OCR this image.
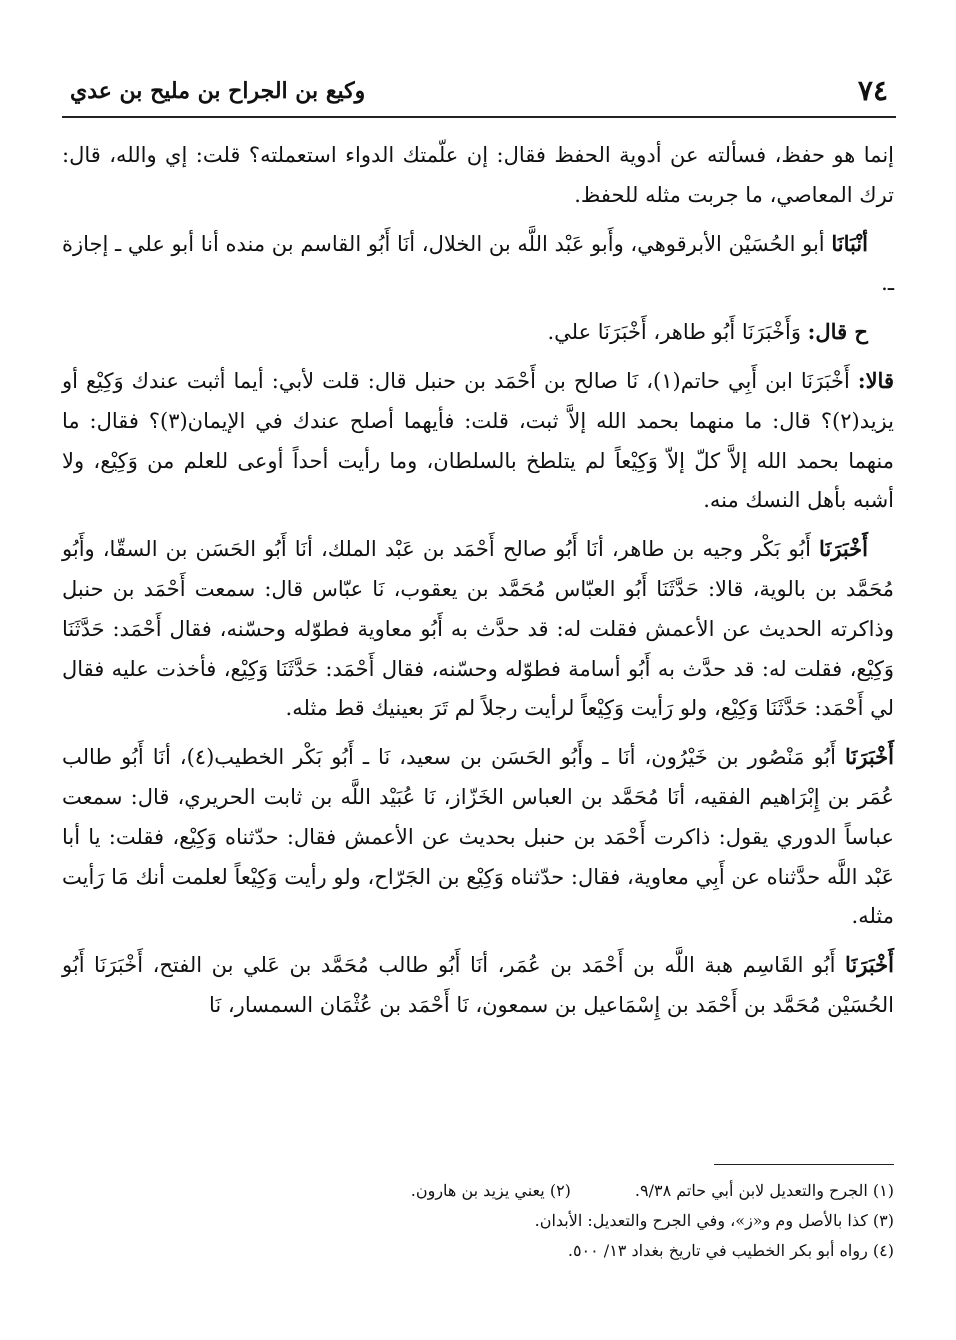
٧٤
وكيع بن الجراح بن مليح بن عدي

إنما هو حفظ، فسألته عن أدوية الحفظ فقال: إن علّمتك الدواء استعملته؟ قلت: إي والله، قال: ترك المعاصي، ما جربت مثله للحفظ.

أنْبَانَا أبو الحُسَيْن الأبرقوهي، وأَبو عَبْد اللَّه بن الخلال، أنَا أَبُو القاسم بن منده أنا أبو علي ـ إجازة ـ.

ح قال: وَأَخْبَرَنَا أَبُو طاهر، أَخْبَرَنَا علي.

قالا: أَخْبَرَنَا ابن أَبِي حاتم(١)، نَا صالح بن أَحْمَد بن حنبل قال: قلت لأبي: أيما أثبت عندك وَكِيْع أو يزيد(٢)؟ قال: ما منهما بحمد الله إلاَّ ثبت، قلت: فأيهما أصلح عندك في الإيمان(٣)؟ فقال: ما منهما بحمد الله إلاَّ كلّ إلاّ وَكِيْعاً لم يتلطخ بالسلطان، وما رأيت أحداً أوعى للعلم من وَكِيْع، ولا أشبه بأهل النسك منه.

أَخْبَرَنَا أَبُو بَكْر وجيه بن طاهر، أنَا أَبُو صالح أَحْمَد بن عَبْد الملك، أنَا أَبُو الحَسَن بن السقّا، وأَبُو مُحَمَّد بن بالوية، قالا: حَدَّثَنَا أَبُو العبّاس مُحَمَّد بن يعقوب، نَا عبّاس قال: سمعت أَحْمَد بن حنبل وذاكرته الحديث عن الأعمش فقلت له: قد حدَّث به أَبُو معاوية فطوّله وحسّنه، فقال أَحْمَد: حَدَّثَنَا وَكِيْع، فقلت له: قد حدَّث به أَبُو أسامة فطوّله وحسّنه، فقال أَحْمَد: حَدَّثَنَا وَكِيْع، فأخذت عليه فقال لي أَحْمَد: حَدَّثَنَا وَكِيْع، ولو رَأيت وَكِيْعاً لرأيت رجلاً لم تَرَ بعينيك قط مثله.

أَخْبَرَنَا أَبُو مَنْصُور بن خَيْرُون، أنَا ـ وأَبُو الحَسَن بن سعيد، نَا ـ أَبُو بَكْر الخطيب(٤)، أنَا أَبُو طالب عُمَر بن إِبْرَاهيم الفقيه، أنَا مُحَمَّد بن العباس الخَزّاز، نَا عُبَيْد اللَّه بن ثابت الحريري، قال: سمعت عباساً الدوري يقول: ذاكرت أَحْمَد بن حنبل بحديث عن الأعمش فقال: حدّثناه وَكِيْع، فقلت: يا أبا عَبْد اللَّه حدَّثناه عن أَبِي معاوية، فقال: حدّثناه وَكِيْع بن الجَرّاح، ولو رأيت وَكِيْعاً لعلمت أنك مَا رَأيت مثله.

أَخْبَرَنَا أَبُو القَاسِم هبة اللَّه بن أَحْمَد بن عُمَر، أنَا أَبُو طالب مُحَمَّد بن عَلي بن الفتح، أَخْبَرَنَا أَبُو الحُسَيْن مُحَمَّد بن أَحْمَد بن إِسْمَاعيل بن سمعون، نَا أَحْمَد بن عُثْمَان السمسار، نَا

(١) الجرح والتعديل لابن أبي حاتم ٩/٣٨.
(٢) يعني يزيد بن هارون.
(٣) كذا بالأصل وم و«ز»، وفي الجرح والتعديل: الأبدان.
(٤) رواه أبو بكر الخطيب في تاريخ بغداد ١٣/ ٥٠٠.
